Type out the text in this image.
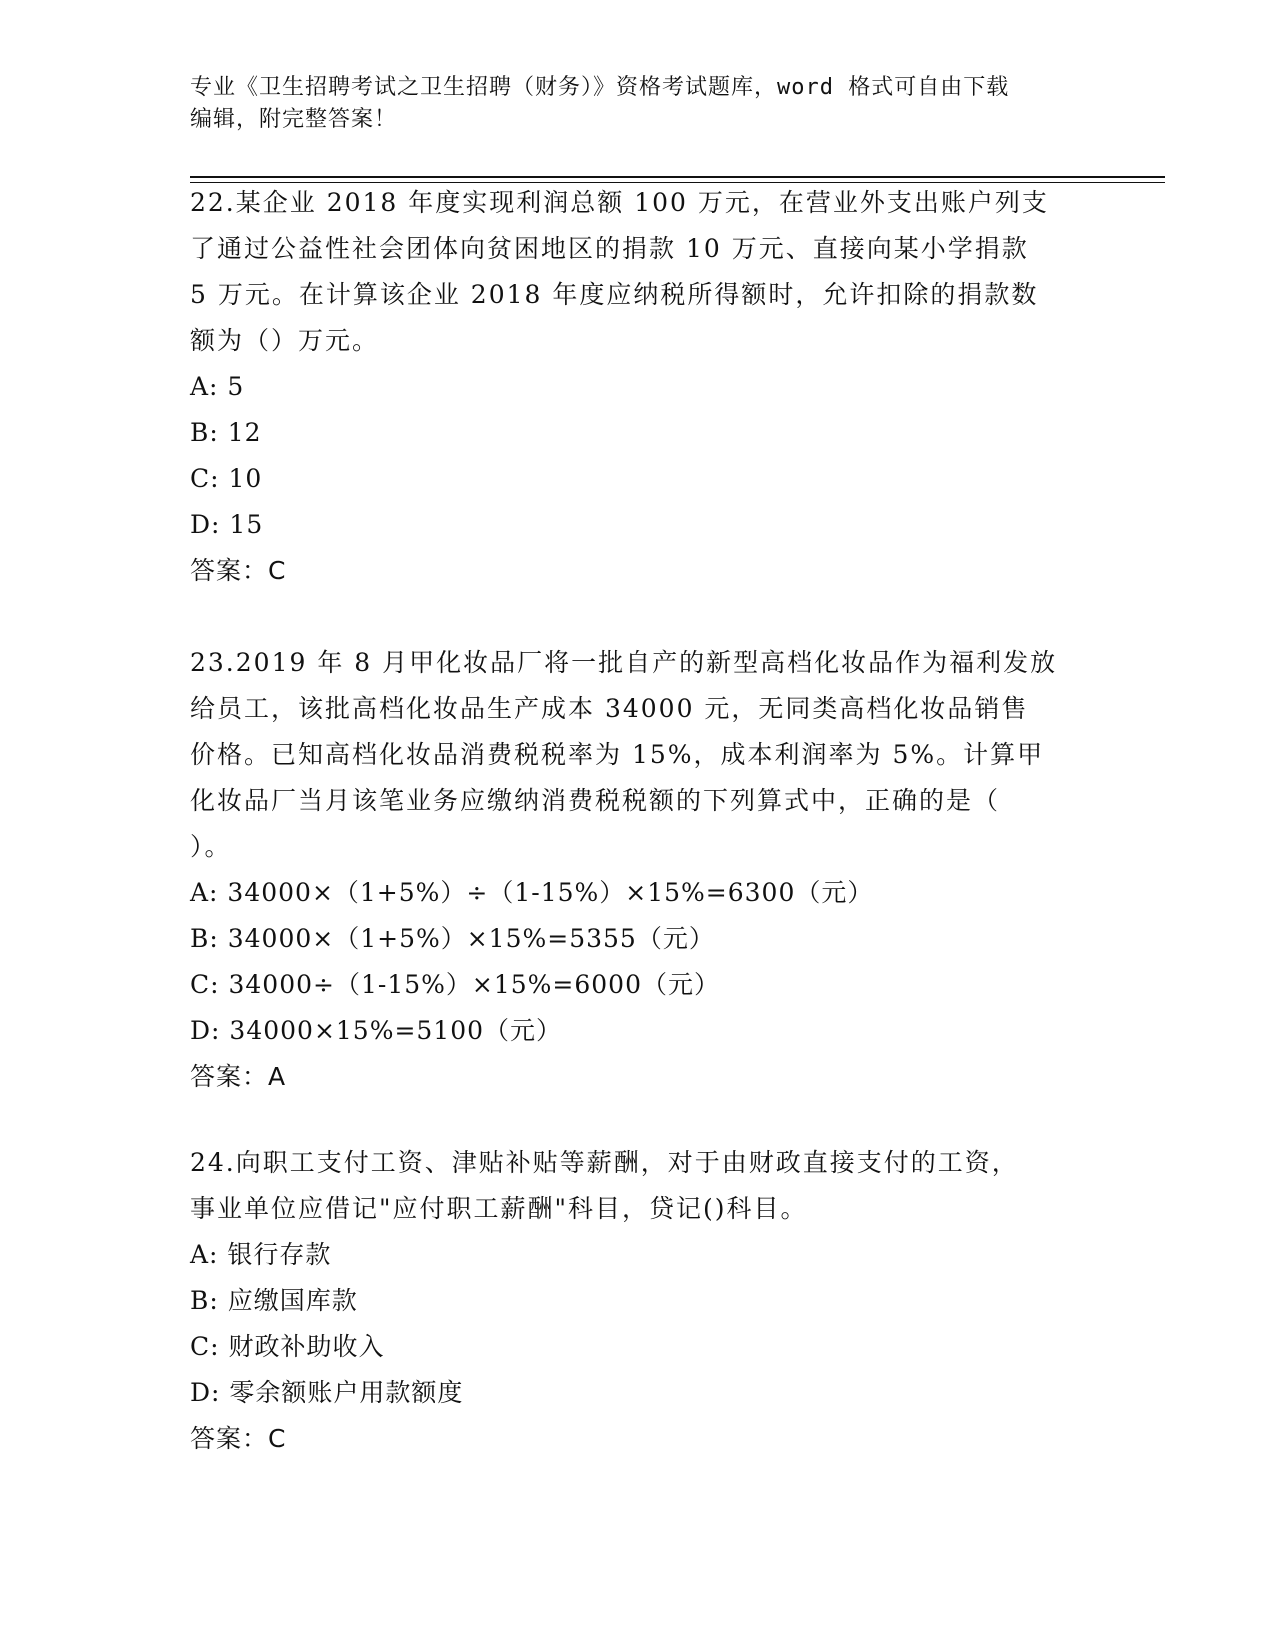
专业《卫生招聘考试之卫生招聘（财务）》资格考试题库，word 格式可自由下载
编辑，附完整答案！
22.某企业 2018 年度实现利润总额 100 万元，在营业外支出账户列支
了通过公益性社会团体向贫困地区的捐款 10 万元、直接向某小学捐款
5 万元。在计算该企业 2018 年度应纳税所得额时，允许扣除的捐款数
额为（）万元。
A: 5
B: 12
C: 10
D: 15
答案：C
23.2019 年 8 月甲化妆品厂将一批自产的新型高档化妆品作为福利发放
给员工，该批高档化妆品生产成本 34000 元，无同类高档化妆品销售
价格。已知高档化妆品消费税税率为 15%，成本利润率为 5%。计算甲
化妆品厂当月该笔业务应缴纳消费税税额的下列算式中，正确的是（
）。
A: 34000×（1+5%）÷（1-15%）×15%=6300（元）
B: 34000×（1+5%）×15%=5355（元）
C: 34000÷（1-15%）×15%=6000（元）
D: 34000×15%=5100（元）
答案：A
24.向职工支付工资、津贴补贴等薪酬，对于由财政直接支付的工资，
事业单位应借记"应付职工薪酬"科目，贷记()科目。
A: 银行存款
B: 应缴国库款
C: 财政补助收入
D: 零余额账户用款额度
答案：C
